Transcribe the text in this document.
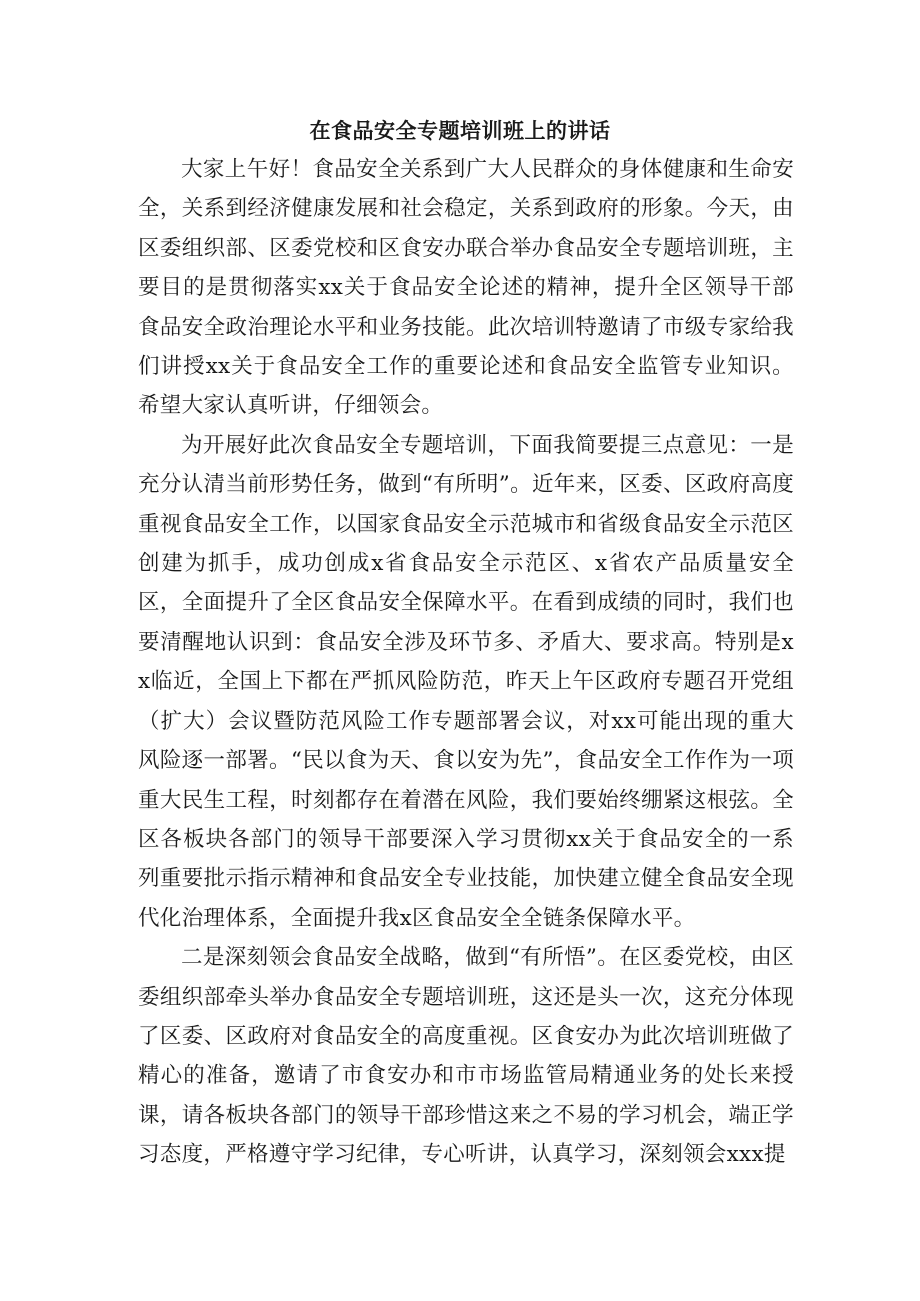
在食品安全专题培训班上的讲话

大家上午好！食品安全关系到广大人民群众的身体健康和生命安全，关系到经济健康发展和社会稳定，关系到政府的形象。今天，由区委组织部、区委党校和区食安办联合举办食品安全专题培训班，主要目的是贯彻落实xx关于食品安全论述的精神，提升全区领导干部食品安全政治理论水平和业务技能。此次培训特邀请了市级专家给我们讲授xx关于食品安全工作的重要论述和食品安全监管专业知识。希望大家认真听讲，仔细领会。

为开展好此次食品安全专题培训，下面我简要提三点意见：一是充分认清当前形势任务，做到“有所明”。近年来，区委、区政府高度重视食品安全工作，以国家食品安全示范城市和省级食品安全示范区创建为抓手，成功创成x省食品安全示范区、x省农产品质量安全区，全面提升了全区食品安全保障水平。在看到成绩的同时，我们也要清醒地认识到：食品安全涉及环节多、矛盾大、要求高。特别是xx临近，全国上下都在严抓风险防范，昨天上午区政府专题召开党组（扩大）会议暨防范风险工作专题部署会议，对xx可能出现的重大风险逐一部署。“民以食为天、食以安为先”，食品安全工作作为一项重大民生工程，时刻都存在着潜在风险，我们要始终绷紧这根弦。全区各板块各部门的领导干部要深入学习贯彻xx关于食品安全的一系列重要批示指示精神和食品安全专业技能，加快建立健全食品安全现代化治理体系，全面提升我x区食品安全全链条保障水平。

二是深刻领会食品安全战略，做到“有所悟”。在区委党校，由区委组织部牵头举办食品安全专题培训班，这还是头一次，这充分体现了区委、区政府对食品安全的高度重视。区食安办为此次培训班做了精心的准备，邀请了市食安办和市市场监管局精通业务的处长来授课，请各板块各部门的领导干部珍惜这来之不易的学习机会，端正学习态度，严格遵守学习纪律，专心听讲，认真学习，深刻领会xxx提
